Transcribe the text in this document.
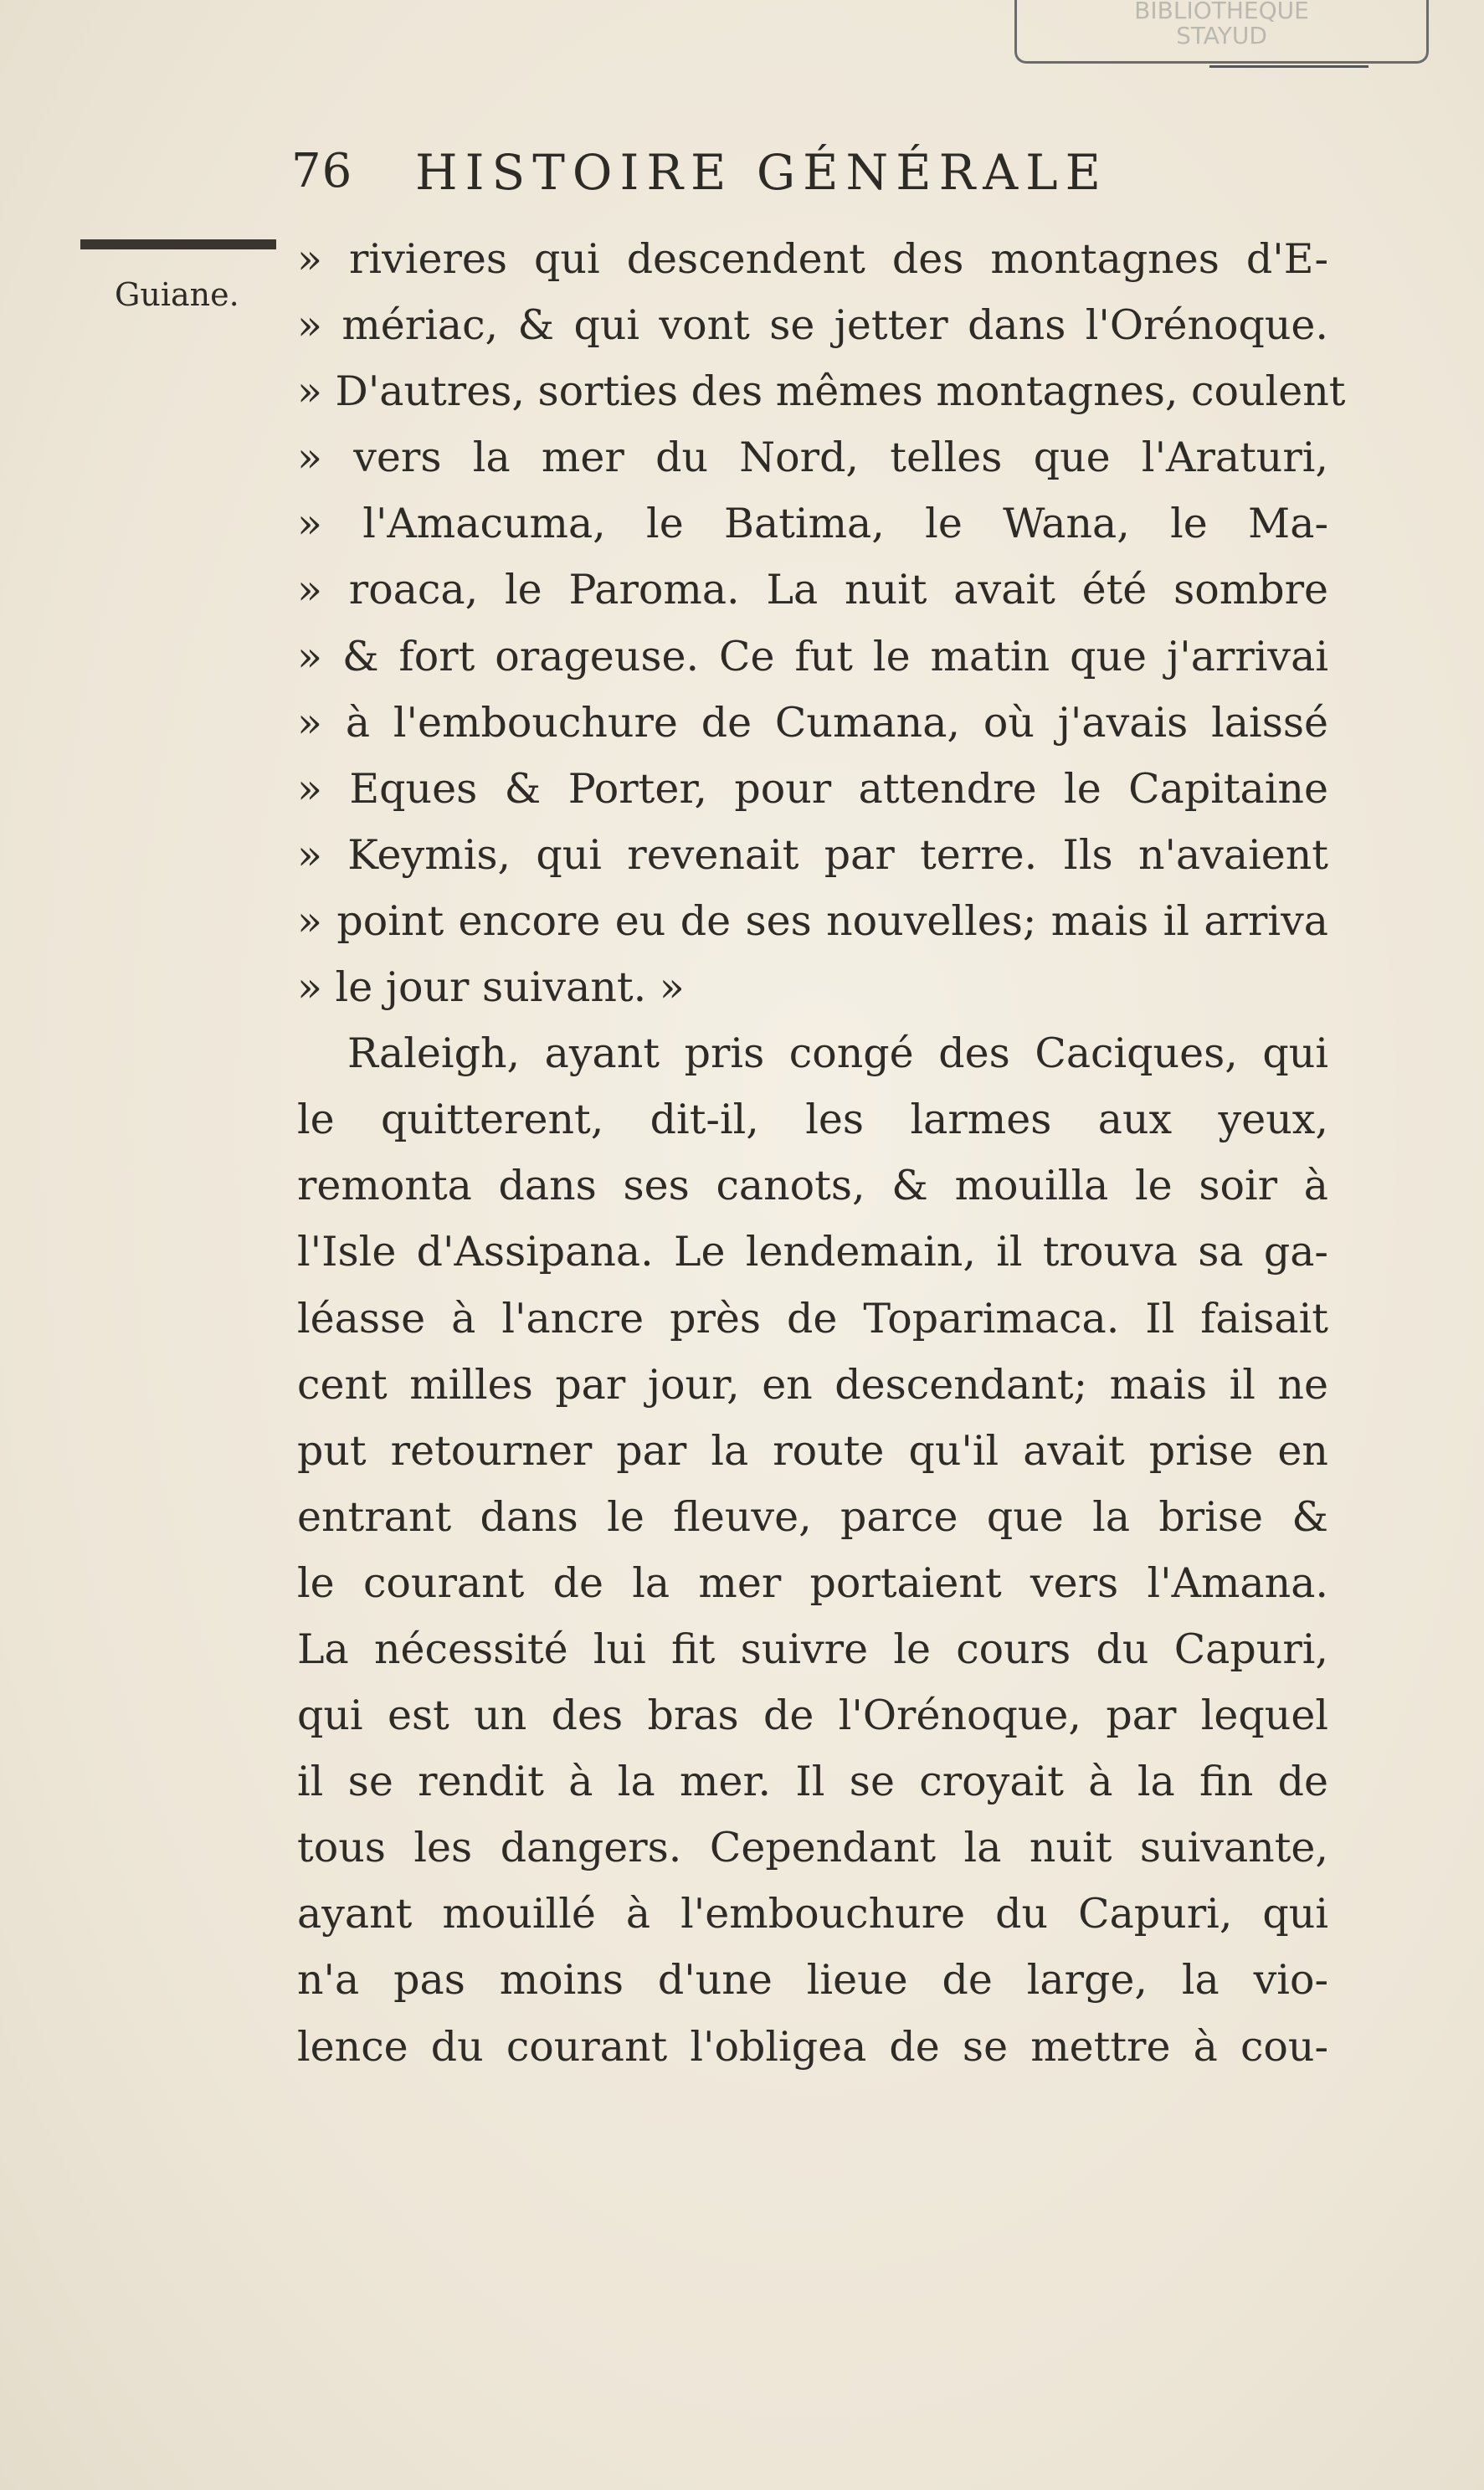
BIBLIOTHEQUE
STAYUD
76 HISTOIRE GÉNÉRALE
Guiane.
» rivieres qui descendent des montagnes d'E-
» mériac, & qui vont se jetter dans l'Orénoque.
» D'autres, sorties des mêmes montagnes, coulent
» vers la mer du Nord, telles que l'Araturi,
» l'Amacuma, le Batima, le Wana, le Ma-
» roaca, le Paroma. La nuit avait été sombre
» & fort orageuse. Ce fut le matin que j'arrivai
» à l'embouchure de Cumana, où j'avais laissé
» Eques & Porter, pour attendre le Capitaine
» Keymis, qui revenait par terre. Ils n'avaient
» point encore eu de ses nouvelles; mais il arriva
» le jour suivant. »
Raleigh, ayant pris congé des Caciques, qui
le quitterent, dit-il, les larmes aux yeux,
remonta dans ses canots, & mouilla le soir à
l'Isle d'Assipana. Le lendemain, il trouva sa ga-
léasse à l'ancre près de Toparimaca. Il faisait
cent milles par jour, en descendant; mais il ne
put retourner par la route qu'il avait prise en
entrant dans le fleuve, parce que la brise &
le courant de la mer portaient vers l'Amana.
La nécessité lui fit suivre le cours du Capuri,
qui est un des bras de l'Orénoque, par lequel
il se rendit à la mer. Il se croyait à la fin de
tous les dangers. Cependant la nuit suivante,
ayant mouillé à l'embouchure du Capuri, qui
n'a pas moins d'une lieue de large, la vio-
lence du courant l'obligea de se mettre à cou-
